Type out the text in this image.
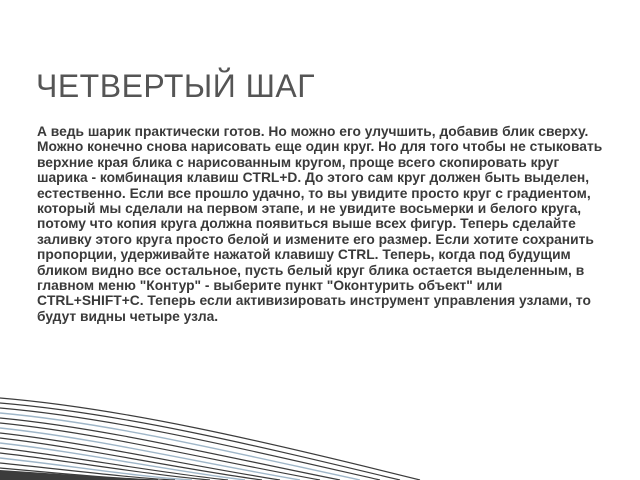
ЧЕТВЕРТЫЙ ШАГ

А ведь шарик практически готов. Но можно его улучшить, добавив блик сверху. Можно конечно снова нарисовать еще один круг. Но для того чтобы не стыковать верхние края блика с нарисованным кругом, проще всего скопировать круг шарика - комбинация клавиш CTRL+D. До этого сам круг должен быть выделен, естественно. Если все прошло удачно, то вы увидите просто круг с градиентом, который мы сделали на первом этапе, и не увидите восьмерки и белого круга, потому что копия круга должна появиться выше всех фигур. Теперь сделайте заливку этого круга просто белой и измените его размер. Если хотите сохранить пропорции, удерживайте нажатой клавишу CTRL. Теперь, когда под будущим бликом видно все остальное, пусть белый круг блика остается выделенным, в главном меню "Контур" - выберите пункт "Оконтурить объект" или CTRL+SHIFT+C. Теперь если активизировать инструмент управления узлами, то будут видны четыре узла.
